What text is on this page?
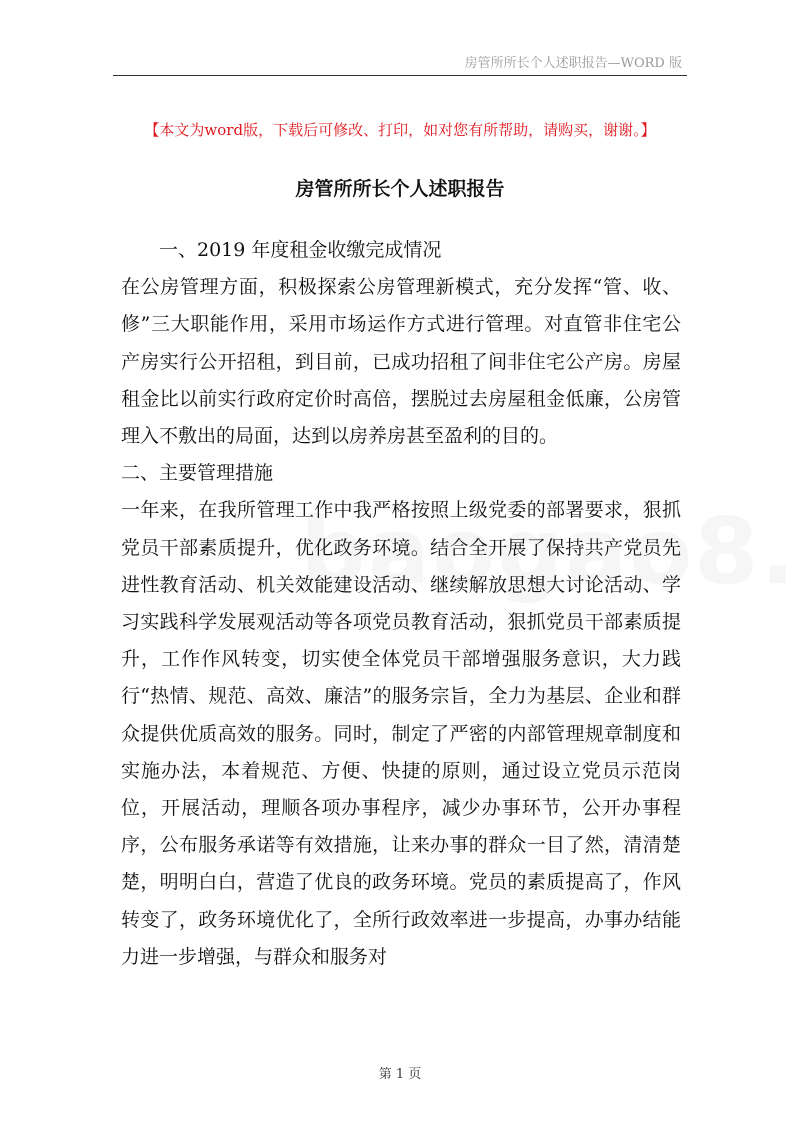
房管所所长个人述职报告—WORD 版
【本文为word版，下载后可修改、打印，如对您有所帮助，请购买，谢谢。】
房管所所长个人述职报告

一、2019 年度租金收缴完成情况

在公房管理方面，积极探索公房管理新模式，充分发挥“管、收、修”三大职能作用，采用市场运作方式进行管理。对直管非住宅公产房实行公开招租，到目前，已成功招租了间非住宅公产房。房屋租金比以前实行政府定价时高倍，摆脱过去房屋租金低廉，公房管理入不敷出的局面，达到以房养房甚至盈利的目的。

二、主要管理措施

一年来，在我所管理工作中我严格按照上级党委的部署要求，狠抓党员干部素质提升，优化政务环境。结合全开展了保持共产党员先进性教育活动、机关效能建设活动、继续解放思想大讨论活动、学习实践科学发展观活动等各项党员教育活动，狠抓党员干部素质提升，工作作风转变，切实使全体党员干部增强服务意识，大力践行“热情、规范、高效、廉洁”的服务宗旨，全力为基层、企业和群众提供优质高效的服务。同时，制定了严密的内部管理规章制度和实施办法，本着规范、方便、快捷的原则，通过设立党员示范岗位，开展活动，理顺各项办事程序，减少办事环节，公开办事程序，公布服务承诺等有效措施，让来办事的群众一目了然，清清楚楚，明明白白，营造了优良的政务环境。党员的素质提高了，作风转变了，政务环境优化了，全所行政效率进一步提高，办事办结能力进一步增强，与群众和服务对

第 1 页
